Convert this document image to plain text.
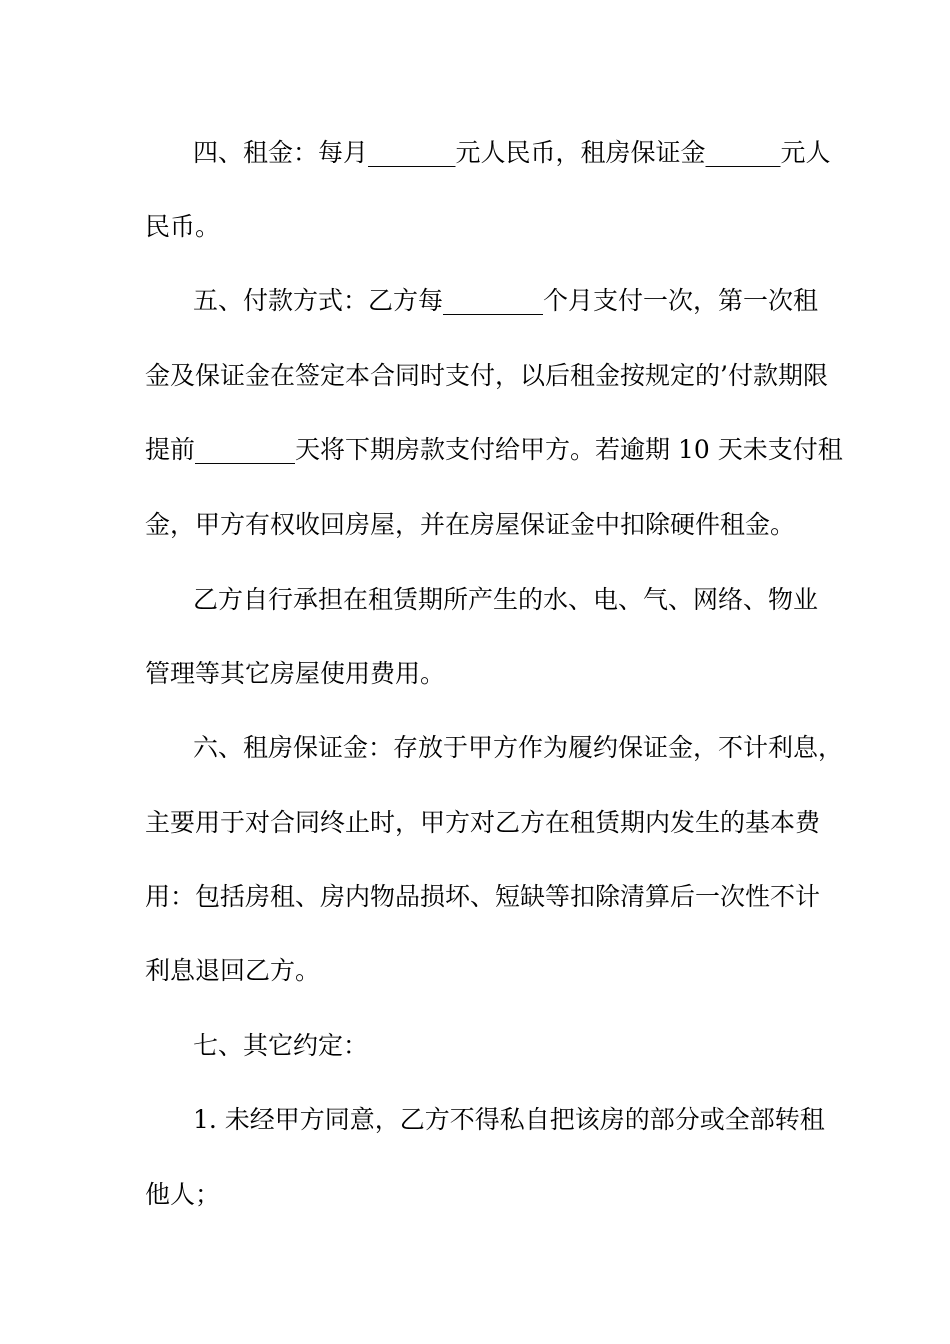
四、租金：每月_______元人民币，租房保证金______元人
民币。
五、付款方式：乙方每________个月支付一次，第一次租
金及保证金在签定本合同时支付，以后租金按规定的’付款期限
提前________天将下期房款支付给甲方。若逾期 10 天未支付租
金，甲方有权收回房屋，并在房屋保证金中扣除硬件租金。
乙方自行承担在租赁期所产生的水、电、气、网络、物业
管理等其它房屋使用费用。
六、租房保证金：存放于甲方作为履约保证金，不计利息，
主要用于对合同终止时，甲方对乙方在租赁期内发生的基本费
用：包括房租、房内物品损坏、短缺等扣除清算后一次性不计
利息退回乙方。
七、其它约定：
1. 未经甲方同意，乙方不得私自把该房的部分或全部转租
他人；
